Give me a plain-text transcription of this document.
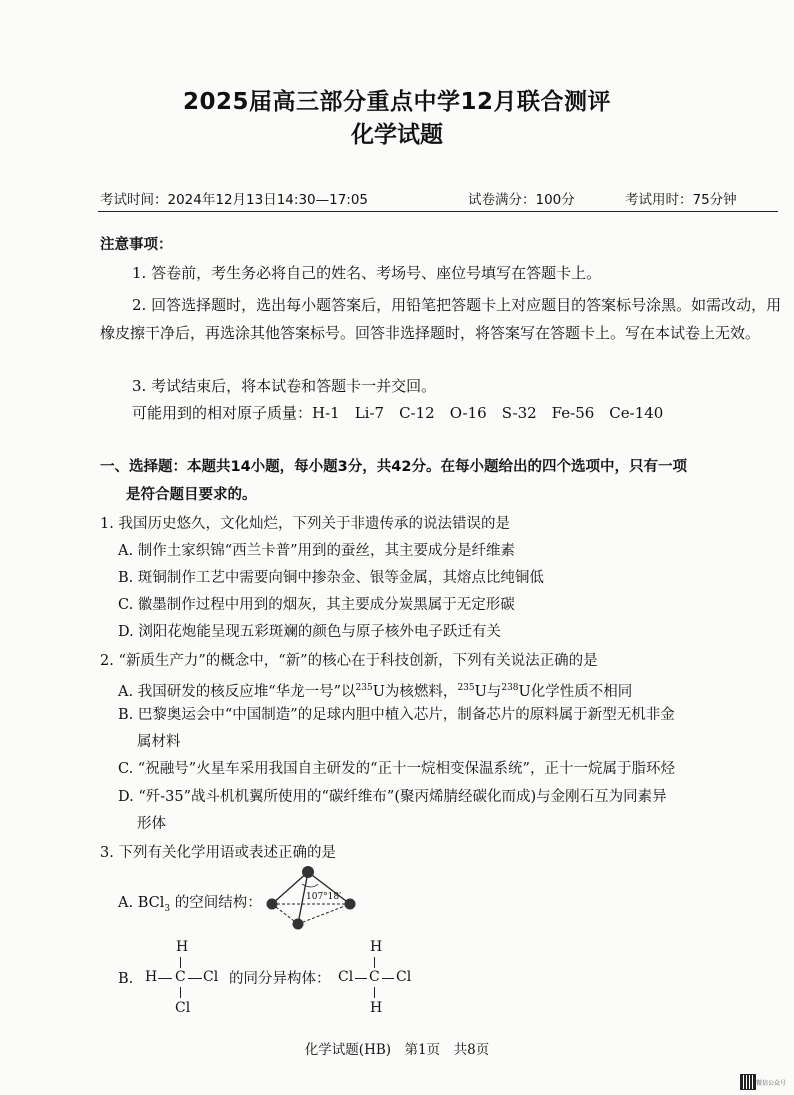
2025届高三部分重点中学12月联合测评
化学试题
考试时间：2024年12月13日14:30—17:05	试卷满分：100分	考试用时：75分钟
注意事项：
1. 答卷前，考生务必将自己的姓名、考场号、座位号填写在答题卡上。
2. 回答选择题时，选出每小题答案后，用铅笔把答题卡上对应题目的答案标号涂黑。如需改动，用橡皮擦干净后，再选涂其他答案标号。回答非选择题时，将答案写在答题卡上。写在本试卷上无效。
3. 考试结束后，将本试卷和答题卡一并交回。
可能用到的相对原子质量：H-1　Li-7　C-12　O-16　S-32　Fe-56　Ce-140
一、选择题：本题共14小题，每小题3分，共42分。在每小题给出的四个选项中，只有一项
是符合题目要求的。
1. 我国历史悠久，文化灿烂，下列关于非遗传承的说法错误的是
A. 制作土家织锦“西兰卡普”用到的蚕丝，其主要成分是纤维素
B. 斑铜制作工艺中需要向铜中掺杂金、银等金属，其熔点比纯铜低
C. 徽墨制作过程中用到的烟灰，其主要成分炭黑属于无定形碳
D. 浏阳花炮能呈现五彩斑斓的颜色与原子核外电子跃迁有关
2. “新质生产力”的概念中，“新”的核心在于科技创新，下列有关说法正确的是
A. 我国研发的核反应堆“华龙一号”以$^{235}$U为核燃料，$^{235}$U与$^{238}$U化学性质不相同
B. 巴黎奥运会中“中国制造”的足球内胆中植入芯片，制备芯片的原料属于新型无机非金
属材料
C. “祝融号”火星车采用我国自主研发的“正十一烷相变保温系统”，正十一烷属于脂环烃
D. “歼-35”战斗机机翼所使用的“碳纤维布”(聚丙烯腈经碳化而成)与金刚石互为同素异
形体
3. 下列有关化学用语或表述正确的是
A. BCl$_3$ 的空间结构：	107°18′
B.
H
H C Cl
Cl
的同分异构体：
H
Cl C Cl
H
化学试题(HB)　第1页　共8页
微信公众号
